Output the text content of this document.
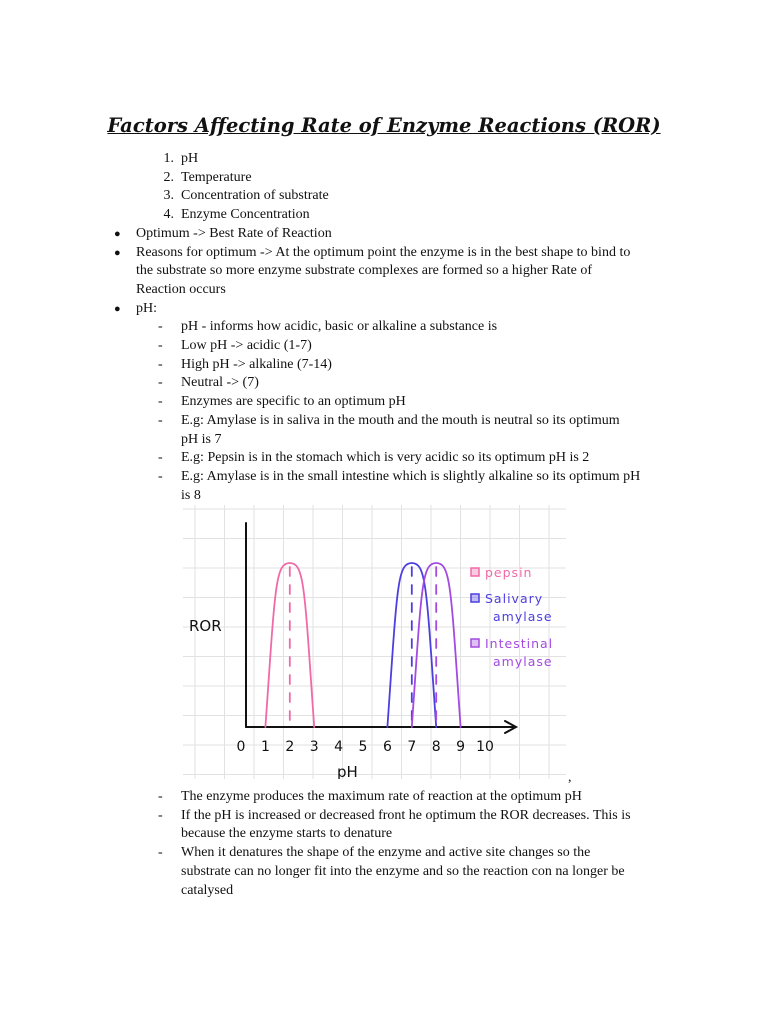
Factors Affecting Rate of Enzyme Reactions (ROR)
1. pH
2. Temperature
3. Concentration of substrate
4. Enzyme Concentration
● Optimum -> Best Rate of Reaction
● Reasons for optimum -> At the optimum point the enzyme is in the best shape to bind to
the substrate so more enzyme substrate complexes are formed so a higher Rate of
Reaction occurs
● pH:
- pH - informs how acidic, basic or alkaline a substance is
- Low pH -> acidic (1-7)
- High pH -> alkaline (7-14)
- Neutral -> (7)
- Enzymes are specific to an optimum pH
- E.g: Amylase is in saliva in the mouth and the mouth is neutral so its optimum
pH is 7
- E.g: Pepsin is in the stomach which is very acidic so its optimum pH is 2
- E.g: Amylase is in the small intestine which is slightly alkaline so its optimum pH
is 8
ROR
pH
0 1 2 3 4 5 6 7 8 9 10
pepsin
Salivary amylase
Intestinal amylase
,
- The enzyme produces the maximum rate of reaction at the optimum pH
- If the pH is increased or decreased front he optimum the ROR decreases. This is
because the enzyme starts to denature
- When it denatures the shape of the enzyme and active site changes so the
substrate can no longer fit into the enzyme and so the reaction con na longer be
catalysed
